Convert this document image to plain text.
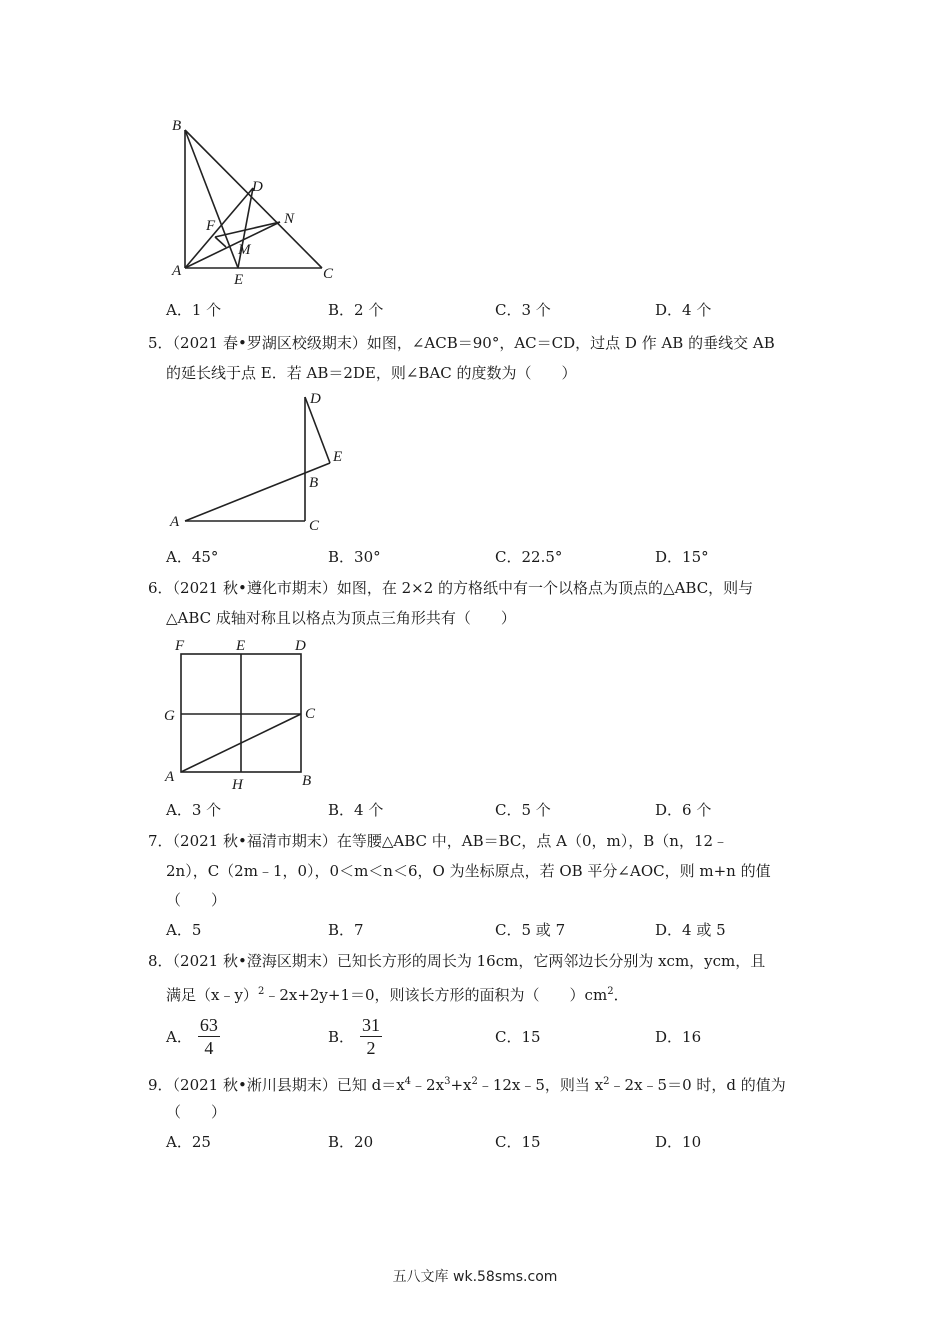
B
D
F	N
M
A
E	C
A．1 个	B．2 个	C．3 个	D．4 个
5．（2021 春•罗湖区校级期末）如图，∠ACB＝90°，AC＝CD，过点 D 作 AB 的垂线交 AB
的延长线于点 E．若 AB＝2DE，则∠BAC 的度数为（　　）
D
E
B
A	C
A．45°	B．30°	C．22.5°	D．15°
6．（2021 秋•遵化市期末）如图，在 2×2 的方格纸中有一个以格点为顶点的△ABC，则与
△ABC 成轴对称且以格点为顶点三角形共有（　　）
F	E	D
G	C
A	H	B
A．3 个	B．4 个	C．5 个	D．6 个
7．（2021 秋•福清市期末）在等腰△ABC 中，AB＝BC，点 A（0，m），B（n，12﹣
2n），C（2m﹣1，0），0＜m＜n＜6，O 为坐标原点，若 OB 平分∠AOC，则 m+n 的值
（　　）
A．5	B．7	C．5 或 7	D．4 或 5
8．（2021 秋•澄海区期末）已知长方形的周长为 16cm，它两邻边长分别为 xcm，ycm，且
满足（x﹣y）$^2$﹣2x+2y+1＝0，则该长方形的面积为（　　）$cm^2$．
A． $\frac{63}{4}$	B． $\frac{31}{2}$	C．15	D．16
9．（2021 秋•淅川县期末）已知 $d=x^4﹣2x^3+x^2﹣12x﹣5$，则当 $x^2﹣2x﹣5=0$ 时，d 的值为
（　　）
A．25	B．20	C．15	D．10
五八文库 wk.58sms.com
